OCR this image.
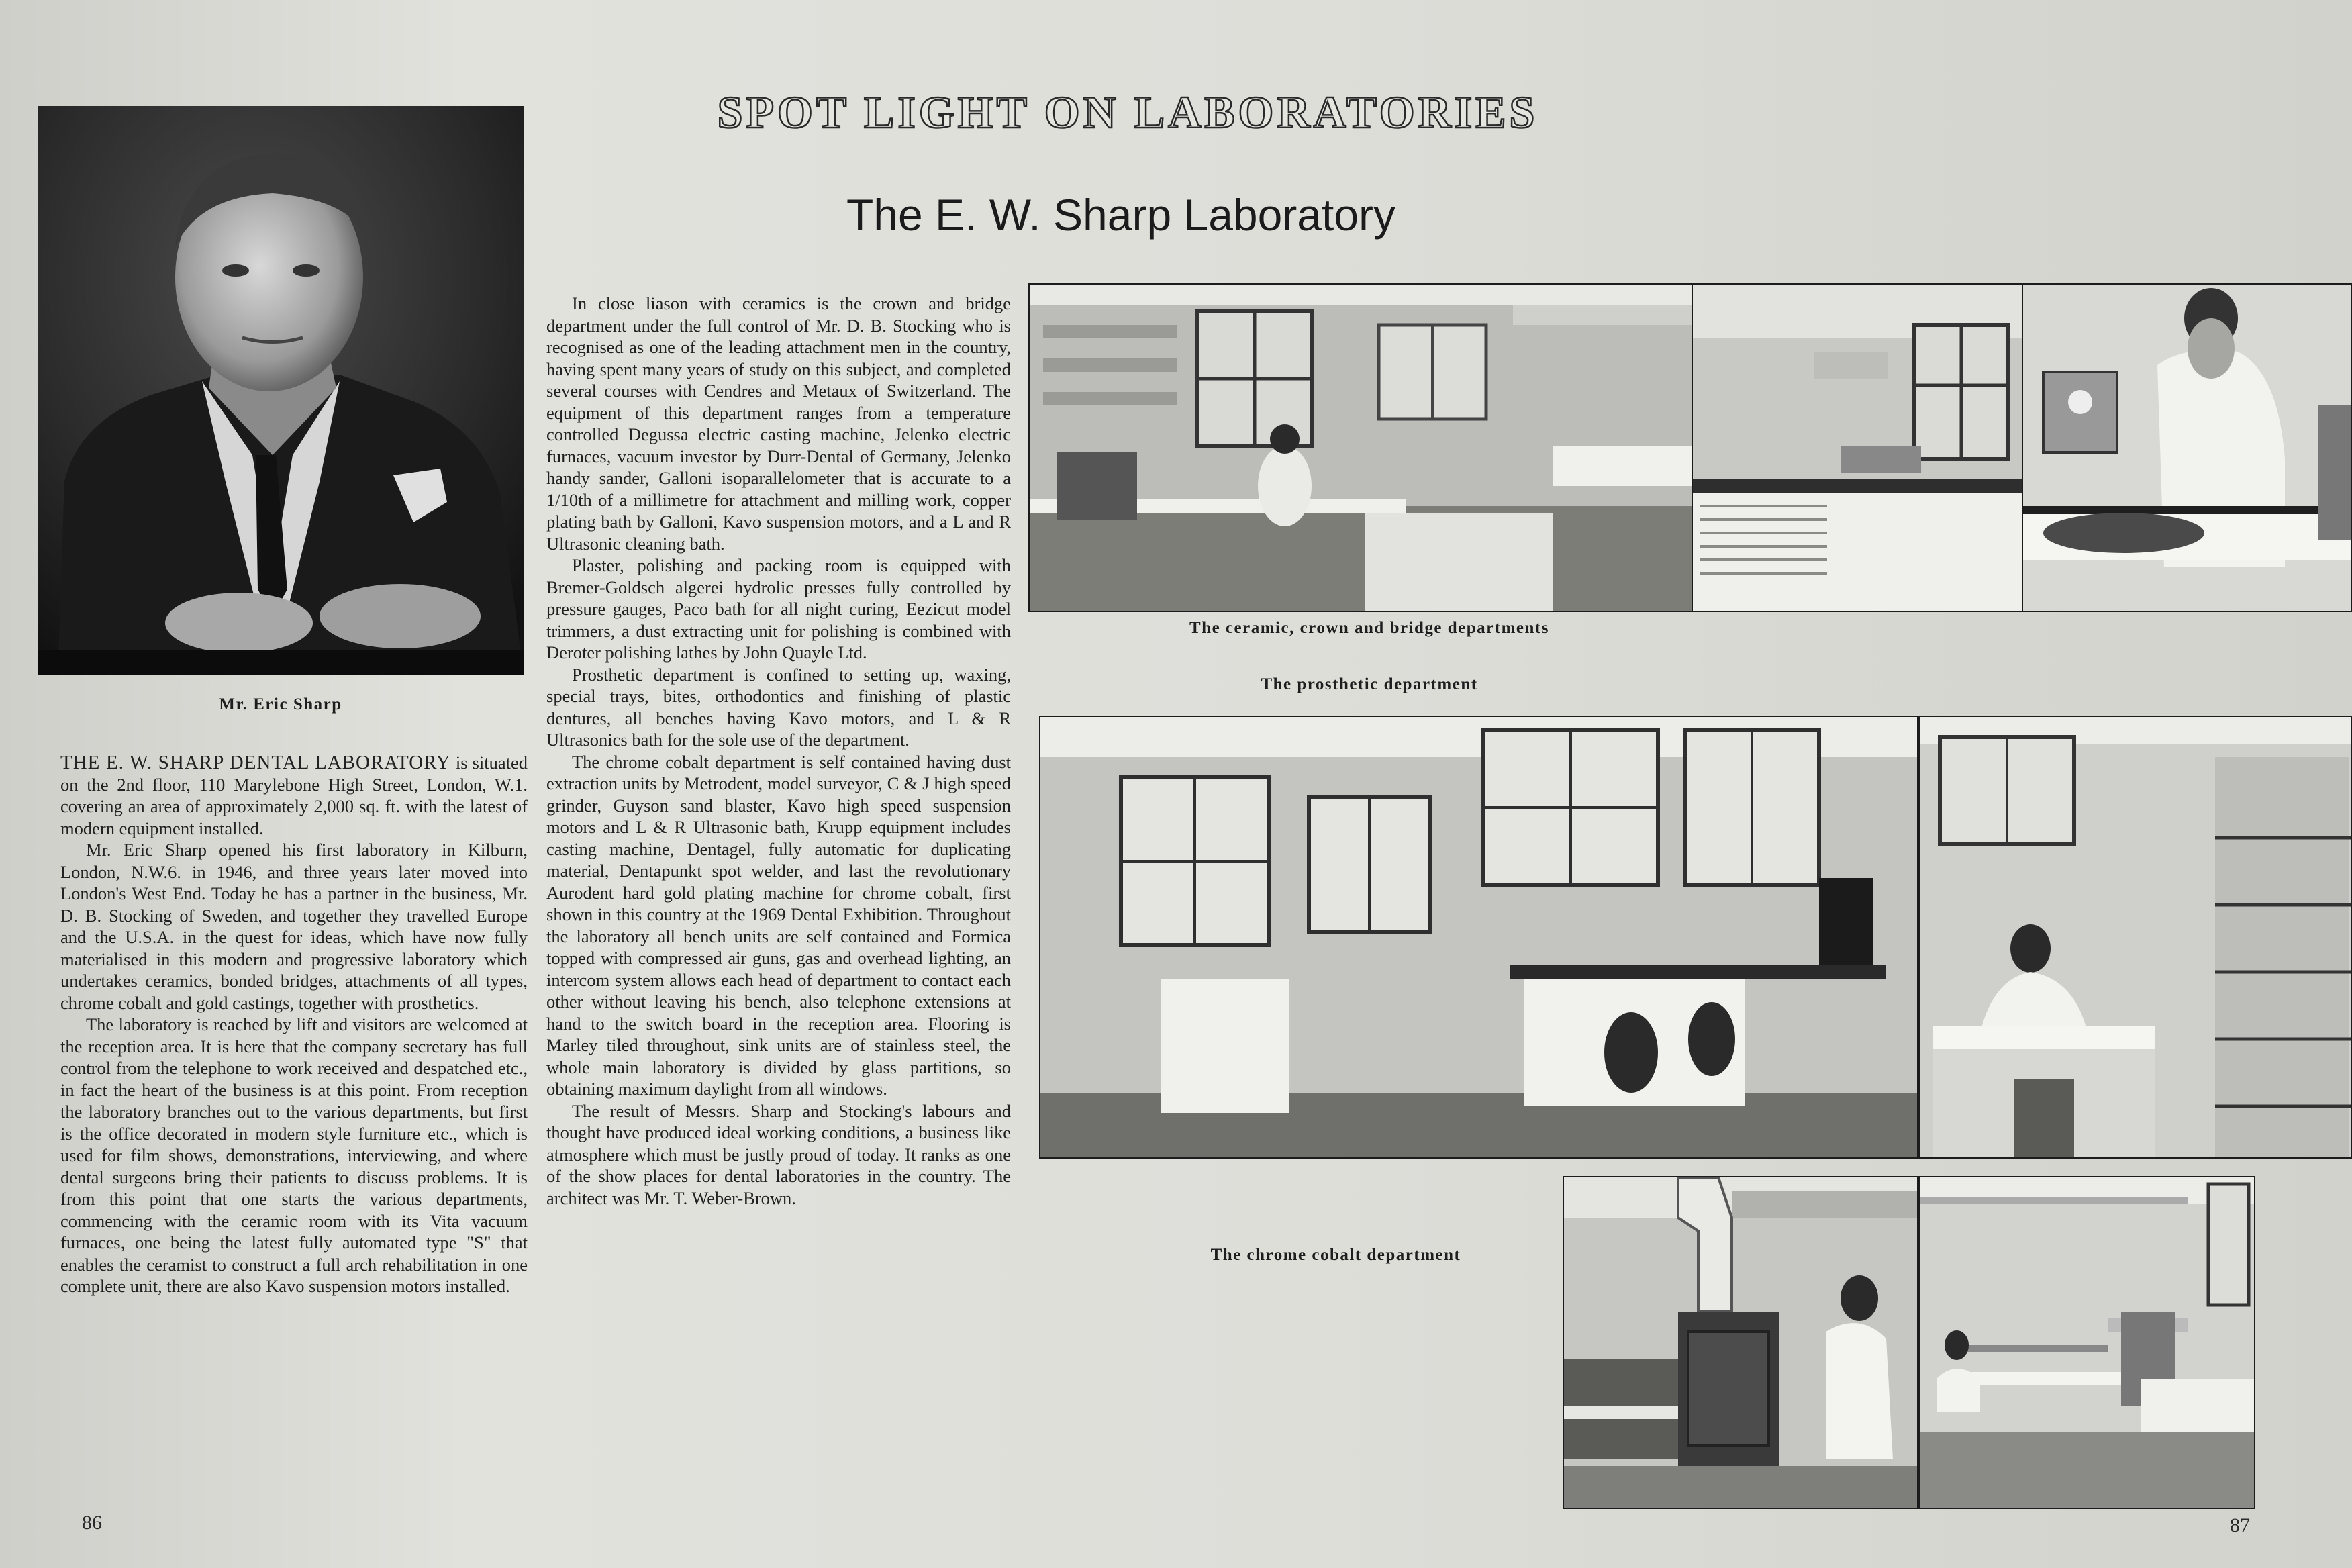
SPOT LIGHT ON LABORATORIES
The E. W. Sharp Laboratory
Mr. Eric Sharp

THE E. W. SHARP DENTAL LABORATORY is situated on the 2nd floor, 110 Marylebone High Street, London, W.1. covering an area of approximately 2,000 sq. ft. with the latest of modern equipment installed.

Mr. Eric Sharp opened his first laboratory in Kilburn, London, N.W.6. in 1946, and three years later moved into London's West End. Today he has a partner in the business, Mr. D. B. Stocking of Sweden, and together they travelled Europe and the U.S.A. in the quest for ideas, which have now fully materialised in this modern and progressive laboratory which undertakes ceramics, bonded bridges, attachments of all types, chrome cobalt and gold castings, together with prosthetics.

The laboratory is reached by lift and visitors are welcomed at the reception area. It is here that the company secretary has full control from the telephone to work received and despatched etc., in fact the heart of the business is at this point. From reception the laboratory branches out to the various departments, but first is the office decorated in modern style furniture etc., which is used for film shows, demonstrations, interviewing, and where dental surgeons bring their patients to discuss problems. It is from this point that one starts the various departments, commencing with the ceramic room with its Vita vacuum furnaces, one being the latest fully automated type "S" that enables the ceramist to construct a full arch rehabilitation in one complete unit, there are also Kavo suspension motors installed.

In close liason with ceramics is the crown and bridge department under the full control of Mr. D. B. Stocking who is recognised as one of the leading attachment men in the country, having spent many years of study on this subject, and completed several courses with Cendres and Metaux of Switzerland. The equipment of this department ranges from a temperature controlled Degussa electric casting machine, Jelenko electric furnaces, vacuum investor by Durr-Dental of Germany, Jelenko handy sander, Galloni isoparallelometer that is accurate to a 1/10th of a millimetre for attachment and milling work, copper plating bath by Galloni, Kavo suspension motors, and a L and R Ultrasonic cleaning bath.

Plaster, polishing and packing room is equipped with Bremer-Goldsch algerei hydrolic presses fully controlled by pressure gauges, Paco bath for all night curing, Eezicut model trimmers, a dust extracting unit for polishing is combined with Deroter polishing lathes by John Quayle Ltd.

Prosthetic department is confined to setting up, waxing, special trays, bites, orthodontics and finishing of plastic dentures, all benches having Kavo motors, and L & R Ultrasonics bath for the sole use of the department.

The chrome cobalt department is self contained having dust extraction units by Metrodent, model surveyor, C & J high speed grinder, Guyson sand blaster, Kavo high speed suspension motors and L & R Ultrasonic bath, Krupp equipment includes casting machine, Dentagel, fully automatic for duplicating material, Dentapunkt spot welder, and last the revolutionary Aurodent hard gold plating machine for chrome cobalt, first shown in this country at the 1969 Dental Exhibition. Throughout the laboratory all bench units are self contained and Formica topped with compressed air guns, gas and overhead lighting, an intercom system allows each head of department to contact each other without leaving his bench, also telephone extensions at hand to the switch board in the reception area. Flooring is Marley tiled throughout, sink units are of stainless steel, the whole main laboratory is divided by glass partitions, so obtaining maximum daylight from all windows.

The result of Messrs. Sharp and Stocking's labours and thought have produced ideal working conditions, a business like atmosphere which must be justly proud of today. It ranks as one of the show places for dental laboratories in the country. The architect was Mr. T. Weber-Brown.

The ceramic, crown and bridge departments
The prosthetic department
The chrome cobalt department
86	87
